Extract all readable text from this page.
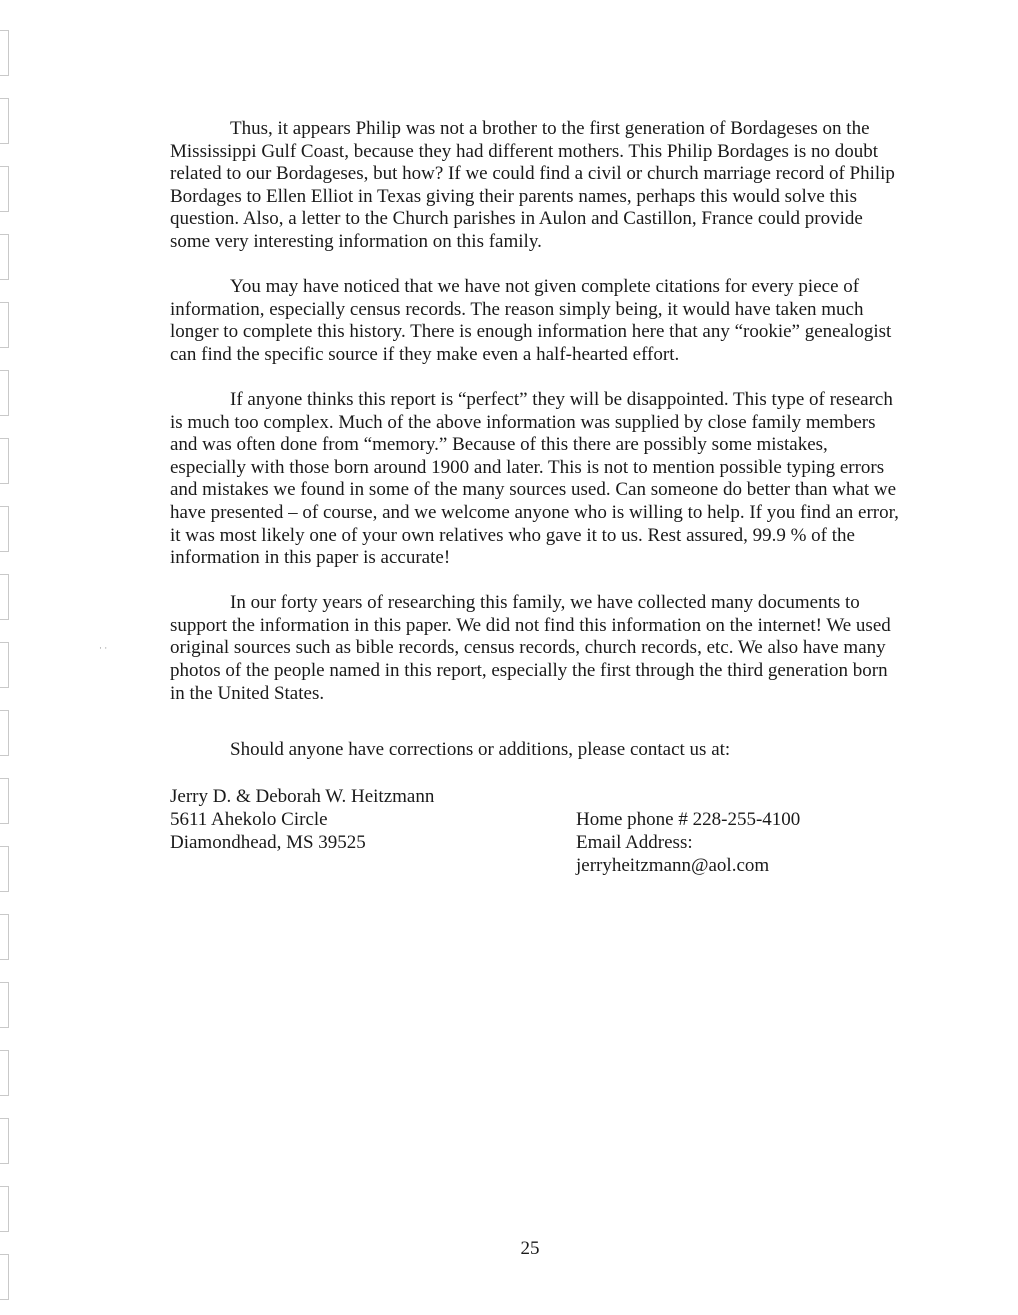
· ·

Thus, it appears Philip was not a brother to the first generation of Bordageses on the Mississippi Gulf Coast, because they had different mothers. This Philip Bordages is no doubt related to our Bordageses, but how? If we could find a civil or church marriage record of Philip Bordages to Ellen Elliot in Texas giving their parents names, perhaps this would solve this question. Also, a letter to the Church parishes in Aulon and Castillon, France could provide some very interesting information on this family.

You may have noticed that we have not given complete citations for every piece of information, especially census records. The reason simply being, it would have taken much longer to complete this history. There is enough information here that any “rookie” genealogist can find the specific source if they make even a half-hearted effort.

If anyone thinks this report is “perfect” they will be disappointed. This type of research is much too complex. Much of the above information was supplied by close family members and was often done from “memory.” Because of this there are possibly some mistakes, especially with those born around 1900 and later. This is not to mention possible typing errors and mistakes we found in some of the many sources used. Can someone do better than what we have presented – of course, and we welcome anyone who is willing to help. If you find an error, it was most likely one of your own relatives who gave it to us. Rest assured, 99.9 % of the information in this paper is accurate!

In our forty years of researching this family, we have collected many documents to support the information in this paper. We did not find this information on the internet! We used original sources such as bible records, census records, church records, etc. We also have many photos of the people named in this report, especially the first through the third generation born in the United States.

Should anyone have corrections or additions, please contact us at:

Jerry D. & Deborah W. Heitzmann
5611 Ahekolo Circle
Diamondhead, MS 39525
Home phone # 228-255-4100
Email Address:
jerryheitzmann@aol.com
25
